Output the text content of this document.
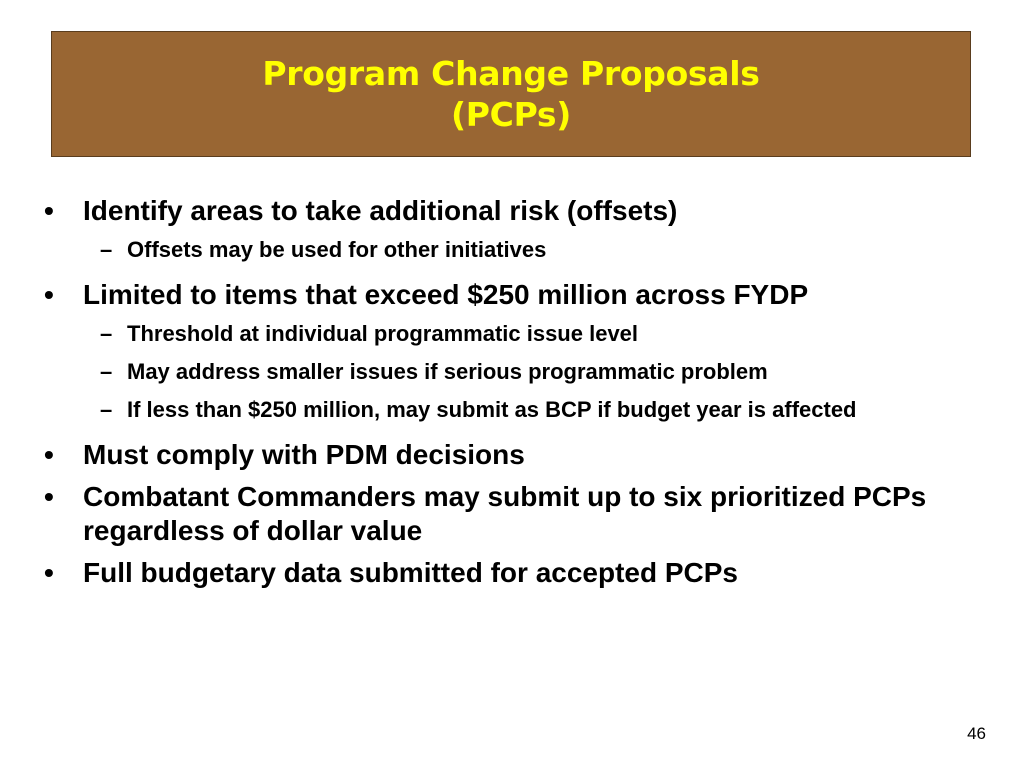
Program Change Proposals
(PCPs)
• Identify areas to take additional risk (offsets)
– Offsets may be used for other initiatives
• Limited to items that exceed $250 million across FYDP
– Threshold at individual programmatic issue level
– May address smaller issues if serious programmatic problem
– If less than $250 million, may submit as BCP if budget year is affected
• Must comply with PDM decisions
• Combatant Commanders may submit up to six prioritized PCPs regardless of dollar value
• Full budgetary data submitted for accepted PCPs
46
